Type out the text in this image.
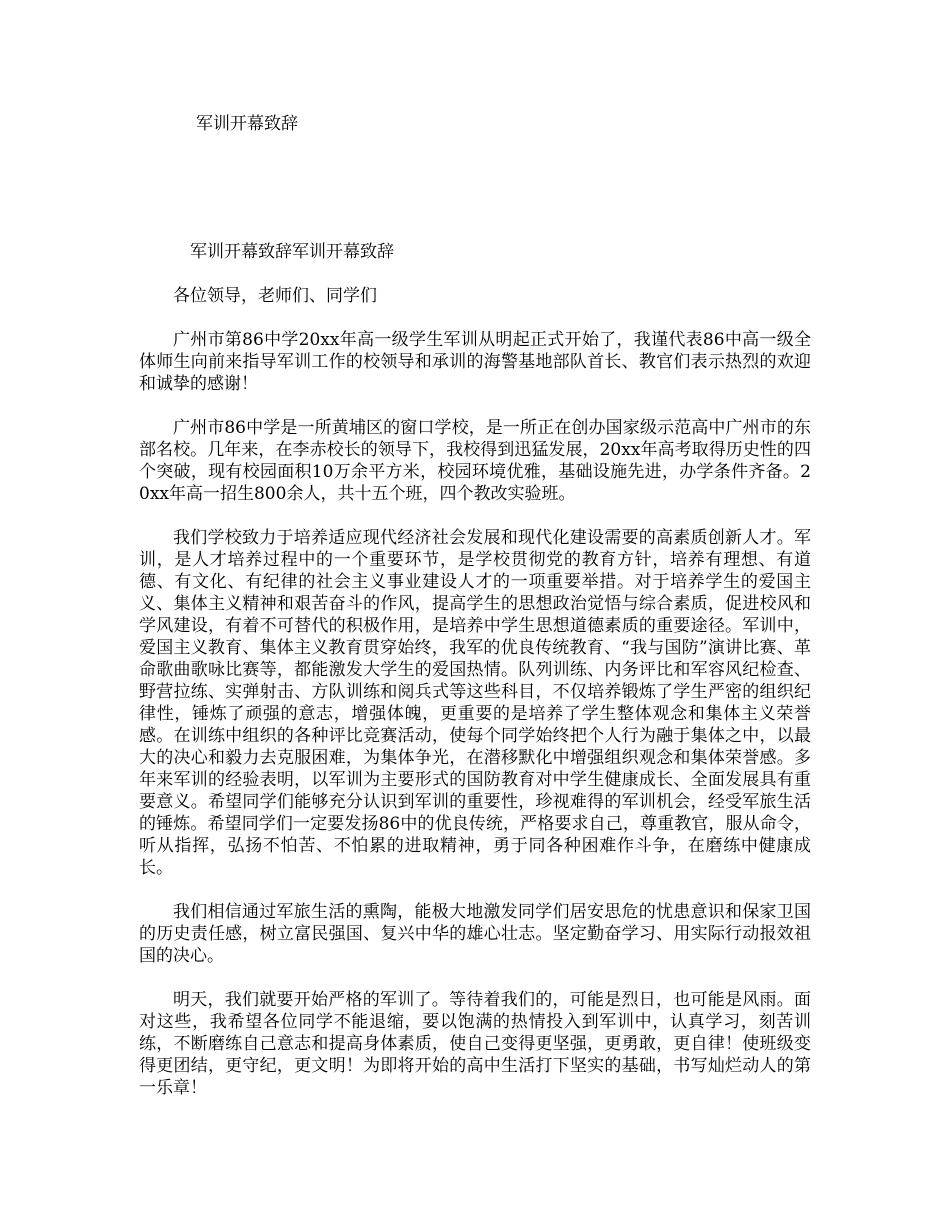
军训开幕致辞

军训开幕致辞军训开幕致辞

各位领导，老师们、同学们

广州市第86中学20xx年高一级学生军训从明起正式开始了，我谨代表86中高一级全体师生向前来指导军训工作的校领导和承训的海警基地部队首长、教官们表示热烈的欢迎和诚挚的感谢！

广州市86中学是一所黄埔区的窗口学校，是一所正在创办国家级示范高中广州市的东部名校。几年来，在李赤校长的领导下，我校得到迅猛发展，20xx年高考取得历史性的四个突破，现有校园面积10万余平方米，校园环境优雅，基础设施先进，办学条件齐备。20xx年高一招生800余人，共十五个班，四个教改实验班。

我们学校致力于培养适应现代经济社会发展和现代化建设需要的高素质创新人才。军训，是人才培养过程中的一个重要环节，是学校贯彻党的教育方针，培养有理想、有道德、有文化、有纪律的社会主义事业建设人才的一项重要举措。对于培养学生的爱国主义、集体主义精神和艰苦奋斗的作风，提高学生的思想政治觉悟与综合素质，促进校风和学风建设，有着不可替代的积极作用，是培养中学生思想道德素质的重要途径。军训中，爱国主义教育、集体主义教育贯穿始终，我军的优良传统教育、“我与国防”演讲比赛、革命歌曲歌咏比赛等，都能激发大学生的爱国热情。队列训练、内务评比和军容风纪检查、野营拉练、实弹射击、方队训练和阅兵式等这些科目，不仅培养锻炼了学生严密的组织纪律性，锤炼了顽强的意志，增强体魄，更重要的是培养了学生整体观念和集体主义荣誉感。在训练中组织的各种评比竞赛活动，使每个同学始终把个人行为融于集体之中，以最大的决心和毅力去克服困难，为集体争光，在潜移默化中增强组织观念和集体荣誉感。多年来军训的经验表明，以军训为主要形式的国防教育对中学生健康成长、全面发展具有重要意义。希望同学们能够充分认识到军训的重要性，珍视难得的军训机会，经受军旅生活的锤炼。希望同学们一定要发扬86中的优良传统，严格要求自己，尊重教官，服从命令，听从指挥，弘扬不怕苦、不怕累的进取精神，勇于同各种困难作斗争，在磨练中健康成长。

我们相信通过军旅生活的熏陶，能极大地激发同学们居安思危的忧患意识和保家卫国的历史责任感，树立富民强国、复兴中华的雄心壮志。坚定勤奋学习、用实际行动报效祖国的决心。

明天，我们就要开始严格的军训了。等待着我们的，可能是烈日，也可能是风雨。面对这些，我希望各位同学不能退缩，要以饱满的热情投入到军训中，认真学习，刻苦训练，不断磨练自己意志和提高身体素质，使自己变得更坚强，更勇敢，更自律！使班级变得更团结，更守纪，更文明！为即将开始的高中生活打下坚实的基础，书写灿烂动人的第一乐章！
